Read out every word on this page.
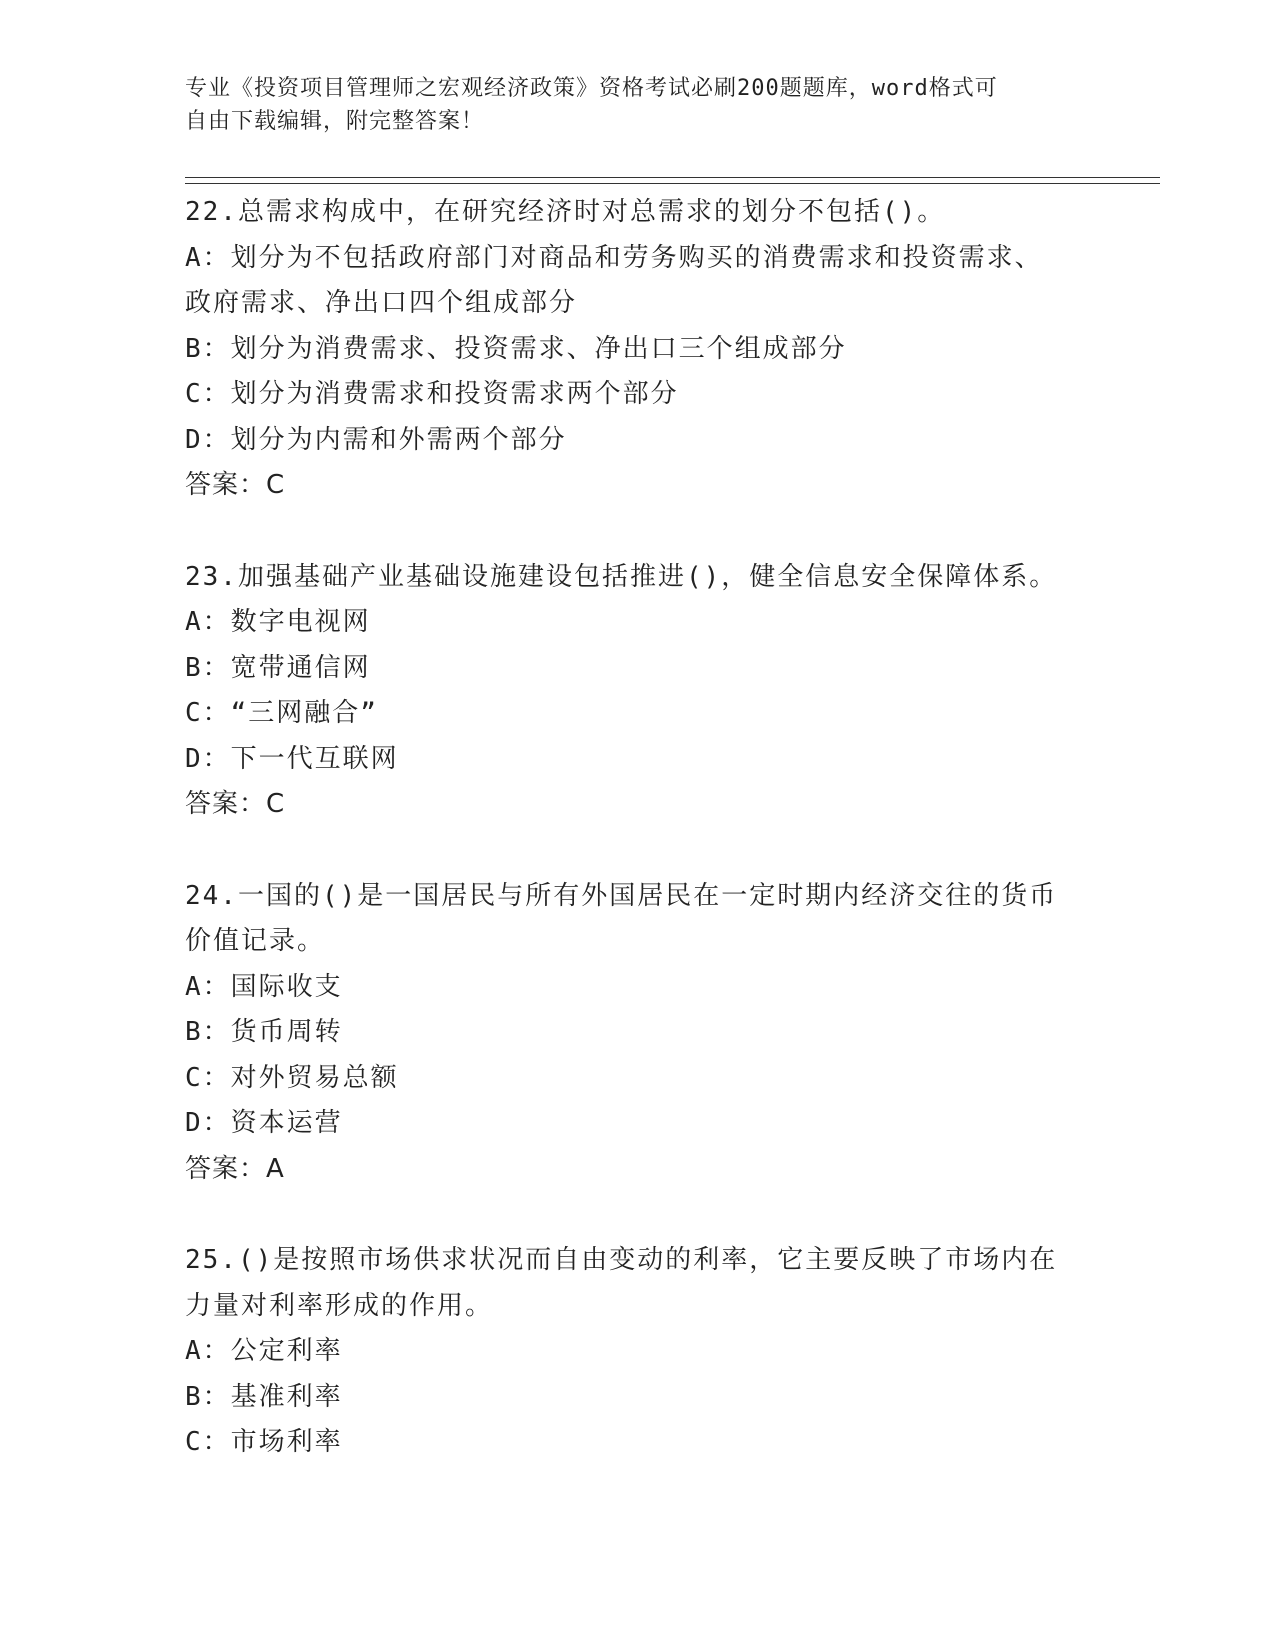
专业《投资项目管理师之宏观经济政策》资格考试必刷200题题库，word格式可
自由下载编辑，附完整答案！
22.总需求构成中，在研究经济时对总需求的划分不包括()。
A：划分为不包括政府部门对商品和劳务购买的消费需求和投资需求、
政府需求、净出口四个组成部分
B：划分为消费需求、投资需求、净出口三个组成部分
C：划分为消费需求和投资需求两个部分
D：划分为内需和外需两个部分
答案：C
23.加强基础产业基础设施建设包括推进()，健全信息安全保障体系。
A：数字电视网
B：宽带通信网
C：“三网融合”
D：下一代互联网
答案：C
24.一国的()是一国居民与所有外国居民在一定时期内经济交往的货币
价值记录。
A：国际收支
B：货币周转
C：对外贸易总额
D：资本运营
答案：A
25.()是按照市场供求状况而自由变动的利率，它主要反映了市场内在
力量对利率形成的作用。
A：公定利率
B：基准利率
C：市场利率
